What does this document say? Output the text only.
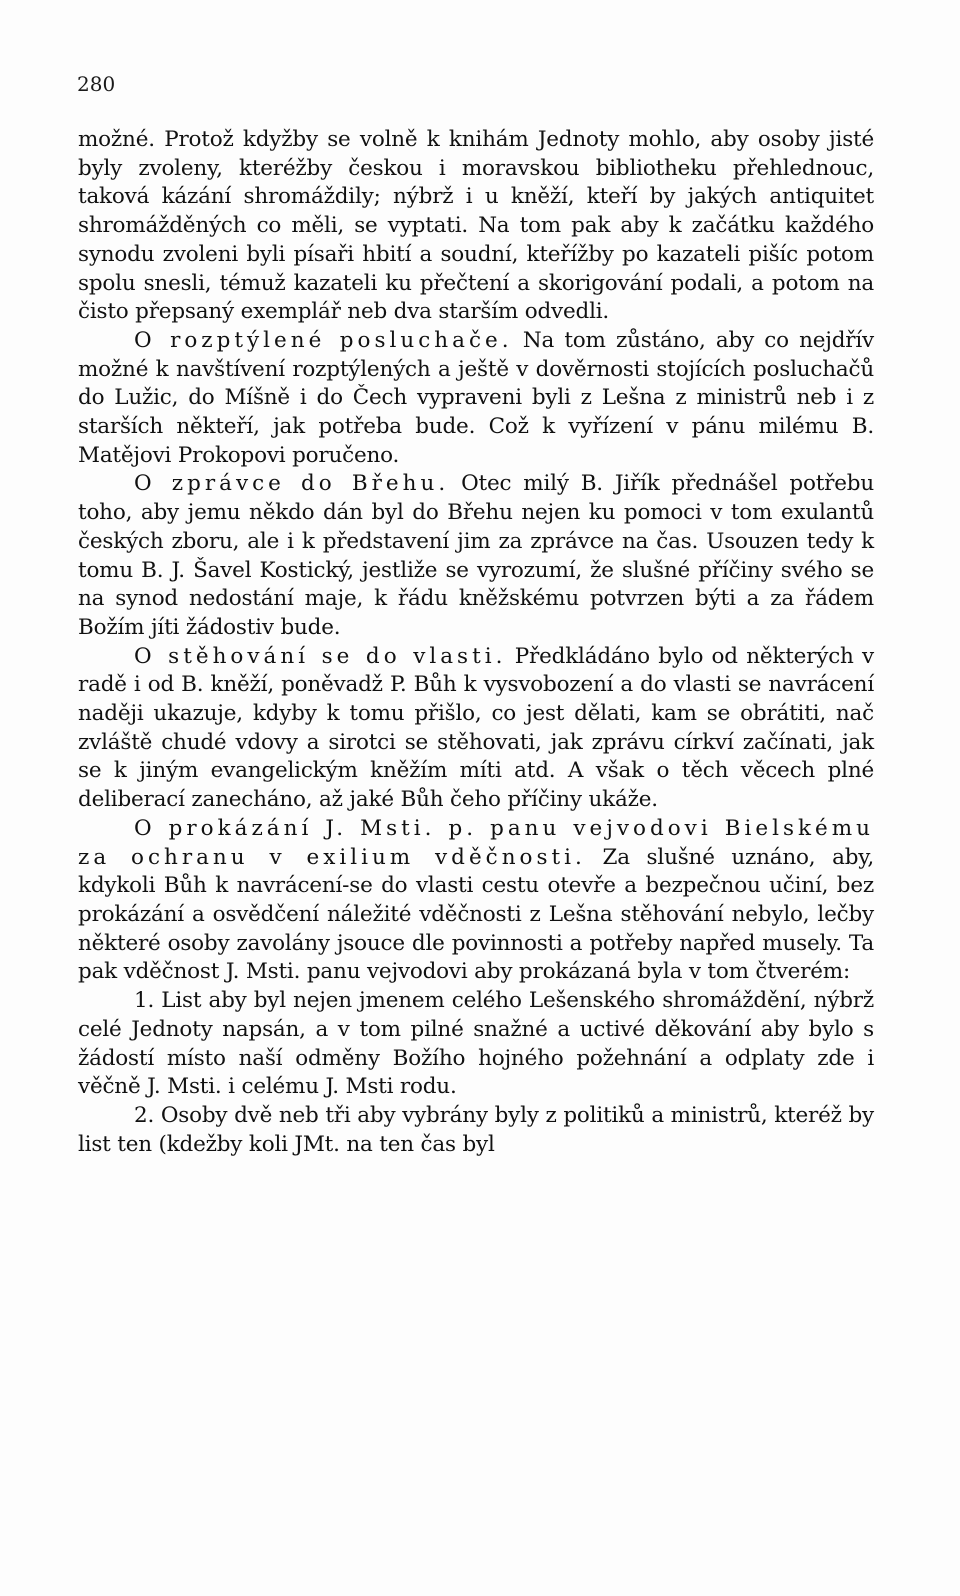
280

možné. Protož kdyžby se volně k knihám Jednoty mohlo, aby osoby jisté byly zvoleny, kteréžby českou i moravskou bibliotheku přehlednouc, taková kázání shromáždily; nýbrž i u kněží, kteří by jakých antiquitet shromážděných co měli, se vyptati. Na tom pak aby k začátku každého synodu zvoleni byli písaři hbití a soudní, kteřížby po kazateli pišíc potom spolu snesli, témuž kazateli ku přečtení a skorigování podali, a potom na čisto přepsaný exemplář neb dva starším odvedli.

O rozptýlené posluchače. Na tom zůstáno, aby co nejdřív možné k navštívení rozptýlených a ještě v dověrnosti stojících posluchačů do Lužic, do Míšně i do Čech vypraveni byli z Lešna z ministrů neb i z starších někteří, jak potřeba bude. Což k vyřízení v pánu milému B. Matějovi Prokopovi poručeno.

O zprávce do Břehu. Otec milý B. Jiřík přednášel potřebu toho, aby jemu někdo dán byl do Břehu nejen ku pomoci v tom exulantů českých zboru, ale i k představení jim za zprávce na čas. Usouzen tedy k tomu B. J. Šavel Kostický, jestliže se vyrozumí, že slušné příčiny svého se na synod nedostání maje, k řádu kněžskému potvrzen býti a za řádem Božím jíti žádostiv bude.

O stěhování se do vlasti. Předkládáno bylo od některých v radě i od B. kněží, poněvadž P. Bůh k vysvobození a do vlasti se navrácení naději ukazuje, kdyby k tomu přišlo, co jest dělati, kam se obrátiti, nač zvláště chudé vdovy a sirotci se stěhovati, jak zprávu církví začínati, jak se k jiným evangelickým kněžím míti atd. A však o těch věcech plné deliberací zanecháno, až jaké Bůh čeho příčiny ukáže.

O prokázání J. Msti. p. panu vejvodovi Bielskému za ochranu v exilium vděčnosti. Za slušné uznáno, aby, kdykoli Bůh k navrácení-se do vlasti cestu otevře a bezpečnou učiní, bez prokázání a osvědčení náležité vděčnosti z Lešna stěhování nebylo, lečby některé osoby zavolány jsouce dle povinnosti a potřeby napřed musely. Ta pak vděčnost J. Msti. panu vejvodovi aby prokázaná byla v tom čtverém:

1. List aby byl nejen jmenem celého Lešenského shromáždění, nýbrž celé Jednoty napsán, a v tom pilné snažné a uctivé děkování aby bylo s žádostí místo naší odměny Božího hojného požehnání a odplaty zde i věčně J. Msti. i celému J. Msti rodu.

2. Osoby dvě neb tři aby vybrány byly z politiků a ministrů, kteréž by list ten (kdežby koli JMt. na ten čas byl
